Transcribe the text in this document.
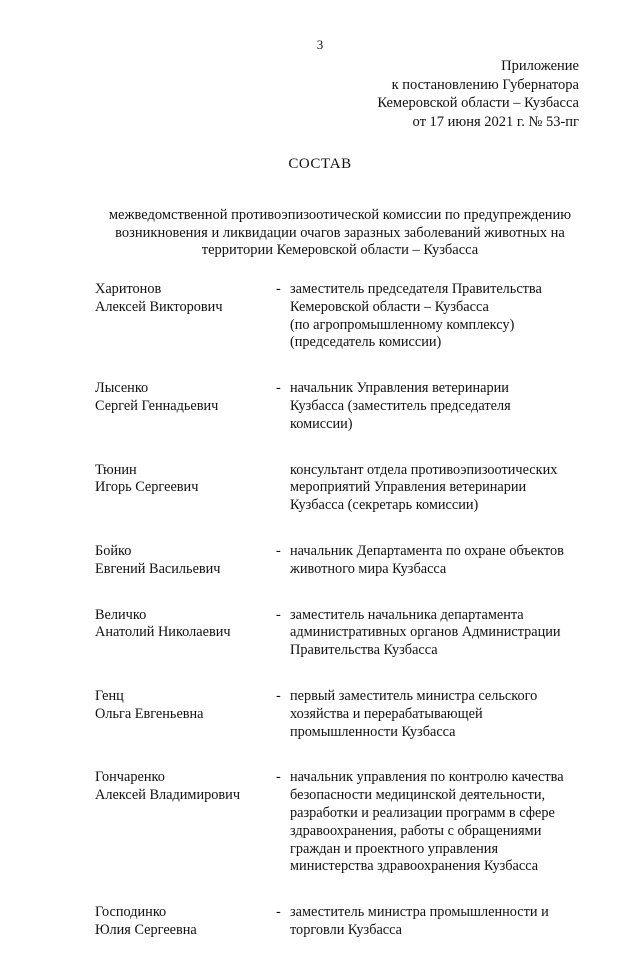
3
Приложение
к постановлению Губернатора
Кемеровской области – Кузбасса
от 17 июня 2021 г. № 53-пг
СОСТАВ
межведомственной противоэпизоотической комиссии по предупреждению
возникновения и ликвидации очагов заразных заболеваний животных на
территории Кемеровской области – Кузбасса
Харитонов
Алексей Викторович
- заместитель председателя Правительства
Кемеровской области – Кузбасса
(по агропромышленному комплексу)
(председатель комиссии)
Лысенко
Сергей Геннадьевич
- начальник Управления ветеринарии
Кузбасса (заместитель председателя
комиссии)
Тюнин
Игорь Сергеевич
консультант отдела противоэпизоотических
мероприятий Управления ветеринарии
Кузбасса (секретарь комиссии)
Бойко
Евгений Васильевич
- начальник Департамента по охране объектов
животного мира Кузбасса
Величко
Анатолий Николаевич
- заместитель начальника департамента
административных органов Администрации
Правительства Кузбасса
Генц
Ольга Евгеньевна
- первый заместитель министра сельского
хозяйства и перерабатывающей
промышленности Кузбасса
Гончаренко
Алексей Владимирович
- начальник управления по контролю качества
безопасности медицинской деятельности,
разработки и реализации программ в сфере
здравоохранения, работы с обращениями
граждан и проектного управления
министерства здравоохранения Кузбасса
Господинко
Юлия Сергеевна
- заместитель министра промышленности и
торговли Кузбасса
